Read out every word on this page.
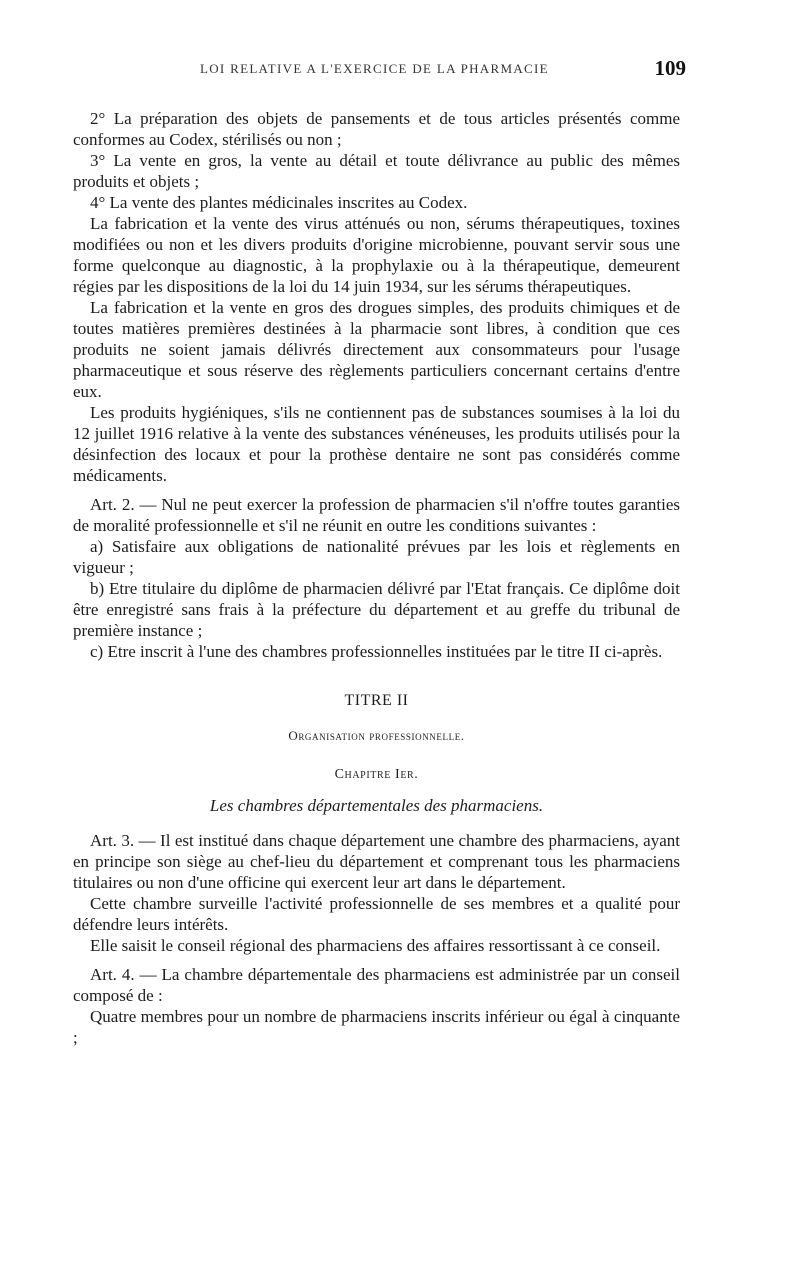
LOI RELATIVE A L'EXERCICE DE LA PHARMACIE	109

2° La préparation des objets de pansements et de tous articles présentés comme conformes au Codex, stérilisés ou non ;

3° La vente en gros, la vente au détail et toute délivrance au public des mêmes produits et objets ;

4° La vente des plantes médicinales inscrites au Codex.

La fabrication et la vente des virus atténués ou non, sérums thérapeutiques, toxines modifiées ou non et les divers produits d'origine microbienne, pouvant servir sous une forme quelconque au diagnostic, à la prophylaxie ou à la thérapeutique, demeurent régies par les dispositions de la loi du 14 juin 1934, sur les sérums thérapeutiques.

La fabrication et la vente en gros des drogues simples, des produits chimiques et de toutes matières premières destinées à la pharmacie sont libres, à condition que ces produits ne soient jamais délivrés directement aux consommateurs pour l'usage pharmaceutique et sous réserve des règlements particuliers concernant certains d'entre eux.

Les produits hygiéniques, s'ils ne contiennent pas de substances soumises à la loi du 12 juillet 1916 relative à la vente des substances vénéneuses, les produits utilisés pour la désinfection des locaux et pour la prothèse dentaire ne sont pas considérés comme médicaments.

Art. 2. — Nul ne peut exercer la profession de pharmacien s'il n'offre toutes garanties de moralité professionnelle et s'il ne réunit en outre les conditions suivantes :

a) Satisfaire aux obligations de nationalité prévues par les lois et règlements en vigueur ;

b) Etre titulaire du diplôme de pharmacien délivré par l'Etat français. Ce diplôme doit être enregistré sans frais à la préfecture du département et au greffe du tribunal de première instance ;

c) Etre inscrit à l'une des chambres professionnelles instituées par le titre II ci-après.

TITRE II

Organisation professionnelle.

Chapitre Ier.

Les chambres départementales des pharmaciens.

Art. 3. — Il est institué dans chaque département une chambre des pharmaciens, ayant en principe son siège au chef-lieu du département et comprenant tous les pharmaciens titulaires ou non d'une officine qui exercent leur art dans le département.

Cette chambre surveille l'activité professionnelle de ses membres et a qualité pour défendre leurs intérêts.

Elle saisit le conseil régional des pharmaciens des affaires ressortissant à ce conseil.

Art. 4. — La chambre départementale des pharmaciens est administrée par un conseil composé de :

Quatre membres pour un nombre de pharmaciens inscrits inférieur ou égal à cinquante ;
